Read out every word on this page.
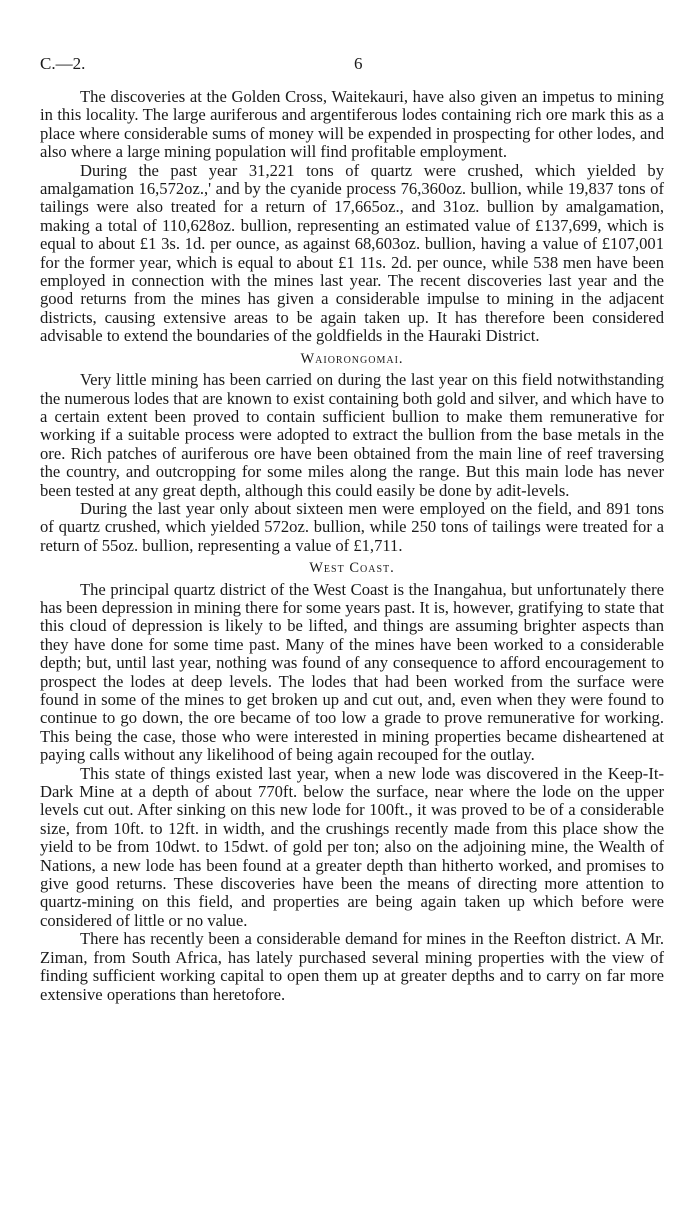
C.—2.	6

The discoveries at the Golden Cross, Waitekauri, have also given an impetus to mining in this locality. The large auriferous and argentiferous lodes containing rich ore mark this as a place where considerable sums of money will be expended in prospecting for other lodes, and also where a large mining population will find profitable employment.

During the past year 31,221 tons of quartz were crushed, which yielded by amalgamation 16,572oz.,' and by the cyanide process 76,360oz. bullion, while 19,837 tons of tailings were also treated for a return of 17,665oz., and 31oz. bullion by amalgamation, making a total of 110,628oz. bullion, representing an estimated value of £137,699, which is equal to about £1 3s. 1d. per ounce, as against 68,603oz. bullion, having a value of £107,001 for the former year, which is equal to about £1 11s. 2d. per ounce, while 538 men have been employed in connection with the mines last year. The recent discoveries last year and the good returns from the mines has given a considerable impulse to mining in the adjacent districts, causing extensive areas to be again taken up. It has therefore been considered advisable to extend the boundaries of the goldfields in the Hauraki District.

Waiorongomai.

Very little mining has been carried on during the last year on this field notwithstanding the numerous lodes that are known to exist containing both gold and silver, and which have to a certain extent been proved to contain sufficient bullion to make them remunerative for working if a suitable process were adopted to extract the bullion from the base metals in the ore. Rich patches of auriferous ore have been obtained from the main line of reef traversing the country, and outcropping for some miles along the range. But this main lode has never been tested at any great depth, although this could easily be done by adit-levels.

During the last year only about sixteen men were employed on the field, and 891 tons of quartz crushed, which yielded 572oz. bullion, while 250 tons of tailings were treated for a return of 55oz. bullion, representing a value of £1,711.

West Coast.

The principal quartz district of the West Coast is the Inangahua, but unfortunately there has been depression in mining there for some years past. It is, however, gratifying to state that this cloud of depression is likely to be lifted, and things are assuming brighter aspects than they have done for some time past. Many of the mines have been worked to a considerable depth; but, until last year, nothing was found of any consequence to afford encouragement to prospect the lodes at deep levels. The lodes that had been worked from the surface were found in some of the mines to get broken up and cut out, and, even when they were found to continue to go down, the ore became of too low a grade to prove remunerative for working. This being the case, those who were interested in mining properties became disheartened at paying calls without any likelihood of being again recouped for the outlay.

This state of things existed last year, when a new lode was discovered in the Keep-It-Dark Mine at a depth of about 770ft. below the surface, near where the lode on the upper levels cut out. After sinking on this new lode for 100ft., it was proved to be of a considerable size, from 10ft. to 12ft. in width, and the crushings recently made from this place show the yield to be from 10dwt. to 15dwt. of gold per ton; also on the adjoining mine, the Wealth of Nations, a new lode has been found at a greater depth than hitherto worked, and promises to give good returns. These discoveries have been the means of directing more attention to quartz-mining on this field, and properties are being again taken up which before were considered of little or no value.

There has recently been a considerable demand for mines in the Reefton district. A Mr. Ziman, from South Africa, has lately purchased several mining properties with the view of finding sufficient working capital to open them up at greater depths and to carry on far more extensive operations than heretofore.
